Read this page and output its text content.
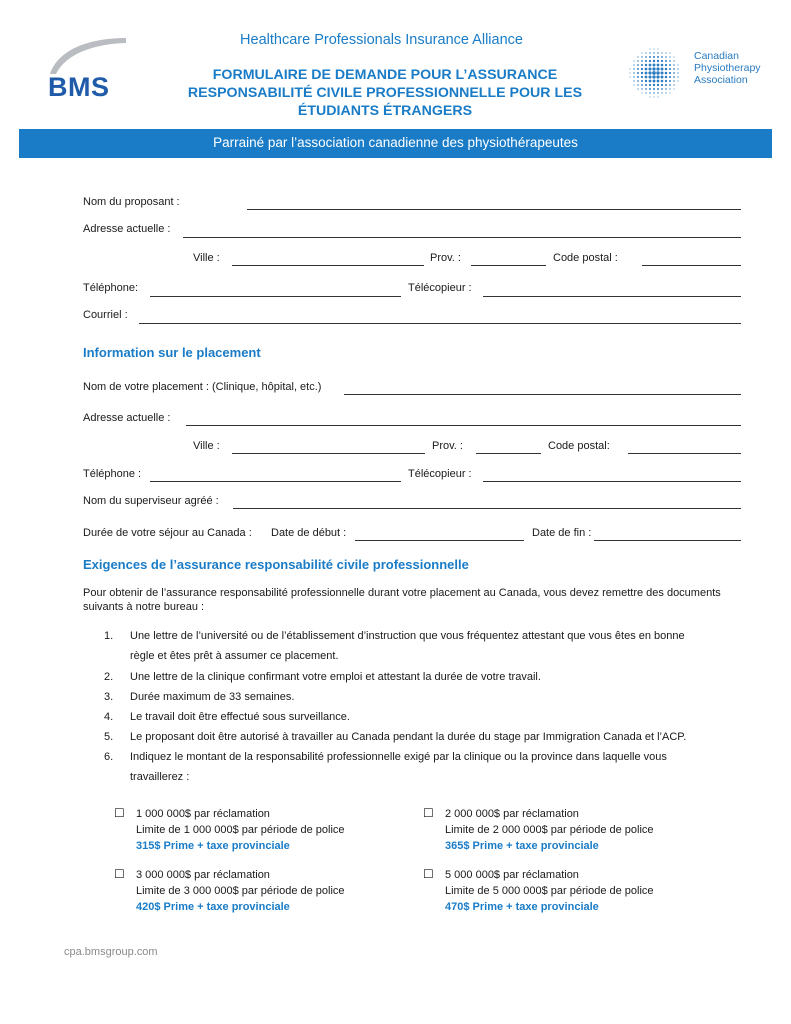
BMS
Healthcare Professionals Insurance Alliance
FORMULAIRE DE DEMANDE POUR L’ASSURANCE
RESPONSABILITÉ CIVILE PROFESSIONNELLE POUR LES
ÉTUDIANTS ÉTRANGERS
Canadian
Physiotherapy
Association
Parrainé par l’association canadienne des physiothérapeutes
Nom du proposant :
Adresse actuelle :
Ville :	Prov. :	Code postal :
Téléphone:	Télécopieur :
Courriel :
Information sur le placement
Nom de votre placement : (Clinique, hôpital, etc.)
Adresse actuelle :
Ville :	Prov. :	Code postal:
Téléphone :	Télécopieur :
Nom du superviseur agréé :
Durée de votre séjour au Canada : Date de début :	Date de fin :
Exigences de l’assurance responsabilité civile professionnelle
Pour obtenir de l’assurance responsabilité professionnelle durant votre placement au Canada, vous devez remettre des documents suivants à notre bureau :
1. Une lettre de l’université ou de l’établissement d’instruction que vous fréquentez attestant que vous êtes en bonne
règle et êtes prêt à assumer ce placement.
2. Une lettre de la clinique confirmant votre emploi et attestant la durée de votre travail.
3. Durée maximum de 33 semaines.
4. Le travail doit être effectué sous surveillance.
5. Le proposant doit être autorisé à travailler au Canada pendant la durée du stage par Immigration Canada et l’ACP.
6. Indiquez le montant de la responsabilité professionnelle exigé par la clinique ou la province dans laquelle vous
travaillerez :
☐ 1 000 000$ par réclamation
Limite de 1 000 000$ par période de police
315$ Prime + taxe provinciale
☐ 2 000 000$ par réclamation
Limite de 2 000 000$ par période de police
365$ Prime + taxe provinciale
☐ 3 000 000$ par réclamation
Limite de 3 000 000$ par période de police
420$ Prime + taxe provinciale
☐ 5 000 000$ par réclamation
Limite de 5 000 000$ par période de police
470$ Prime + taxe provinciale
cpa.bmsgroup.com
